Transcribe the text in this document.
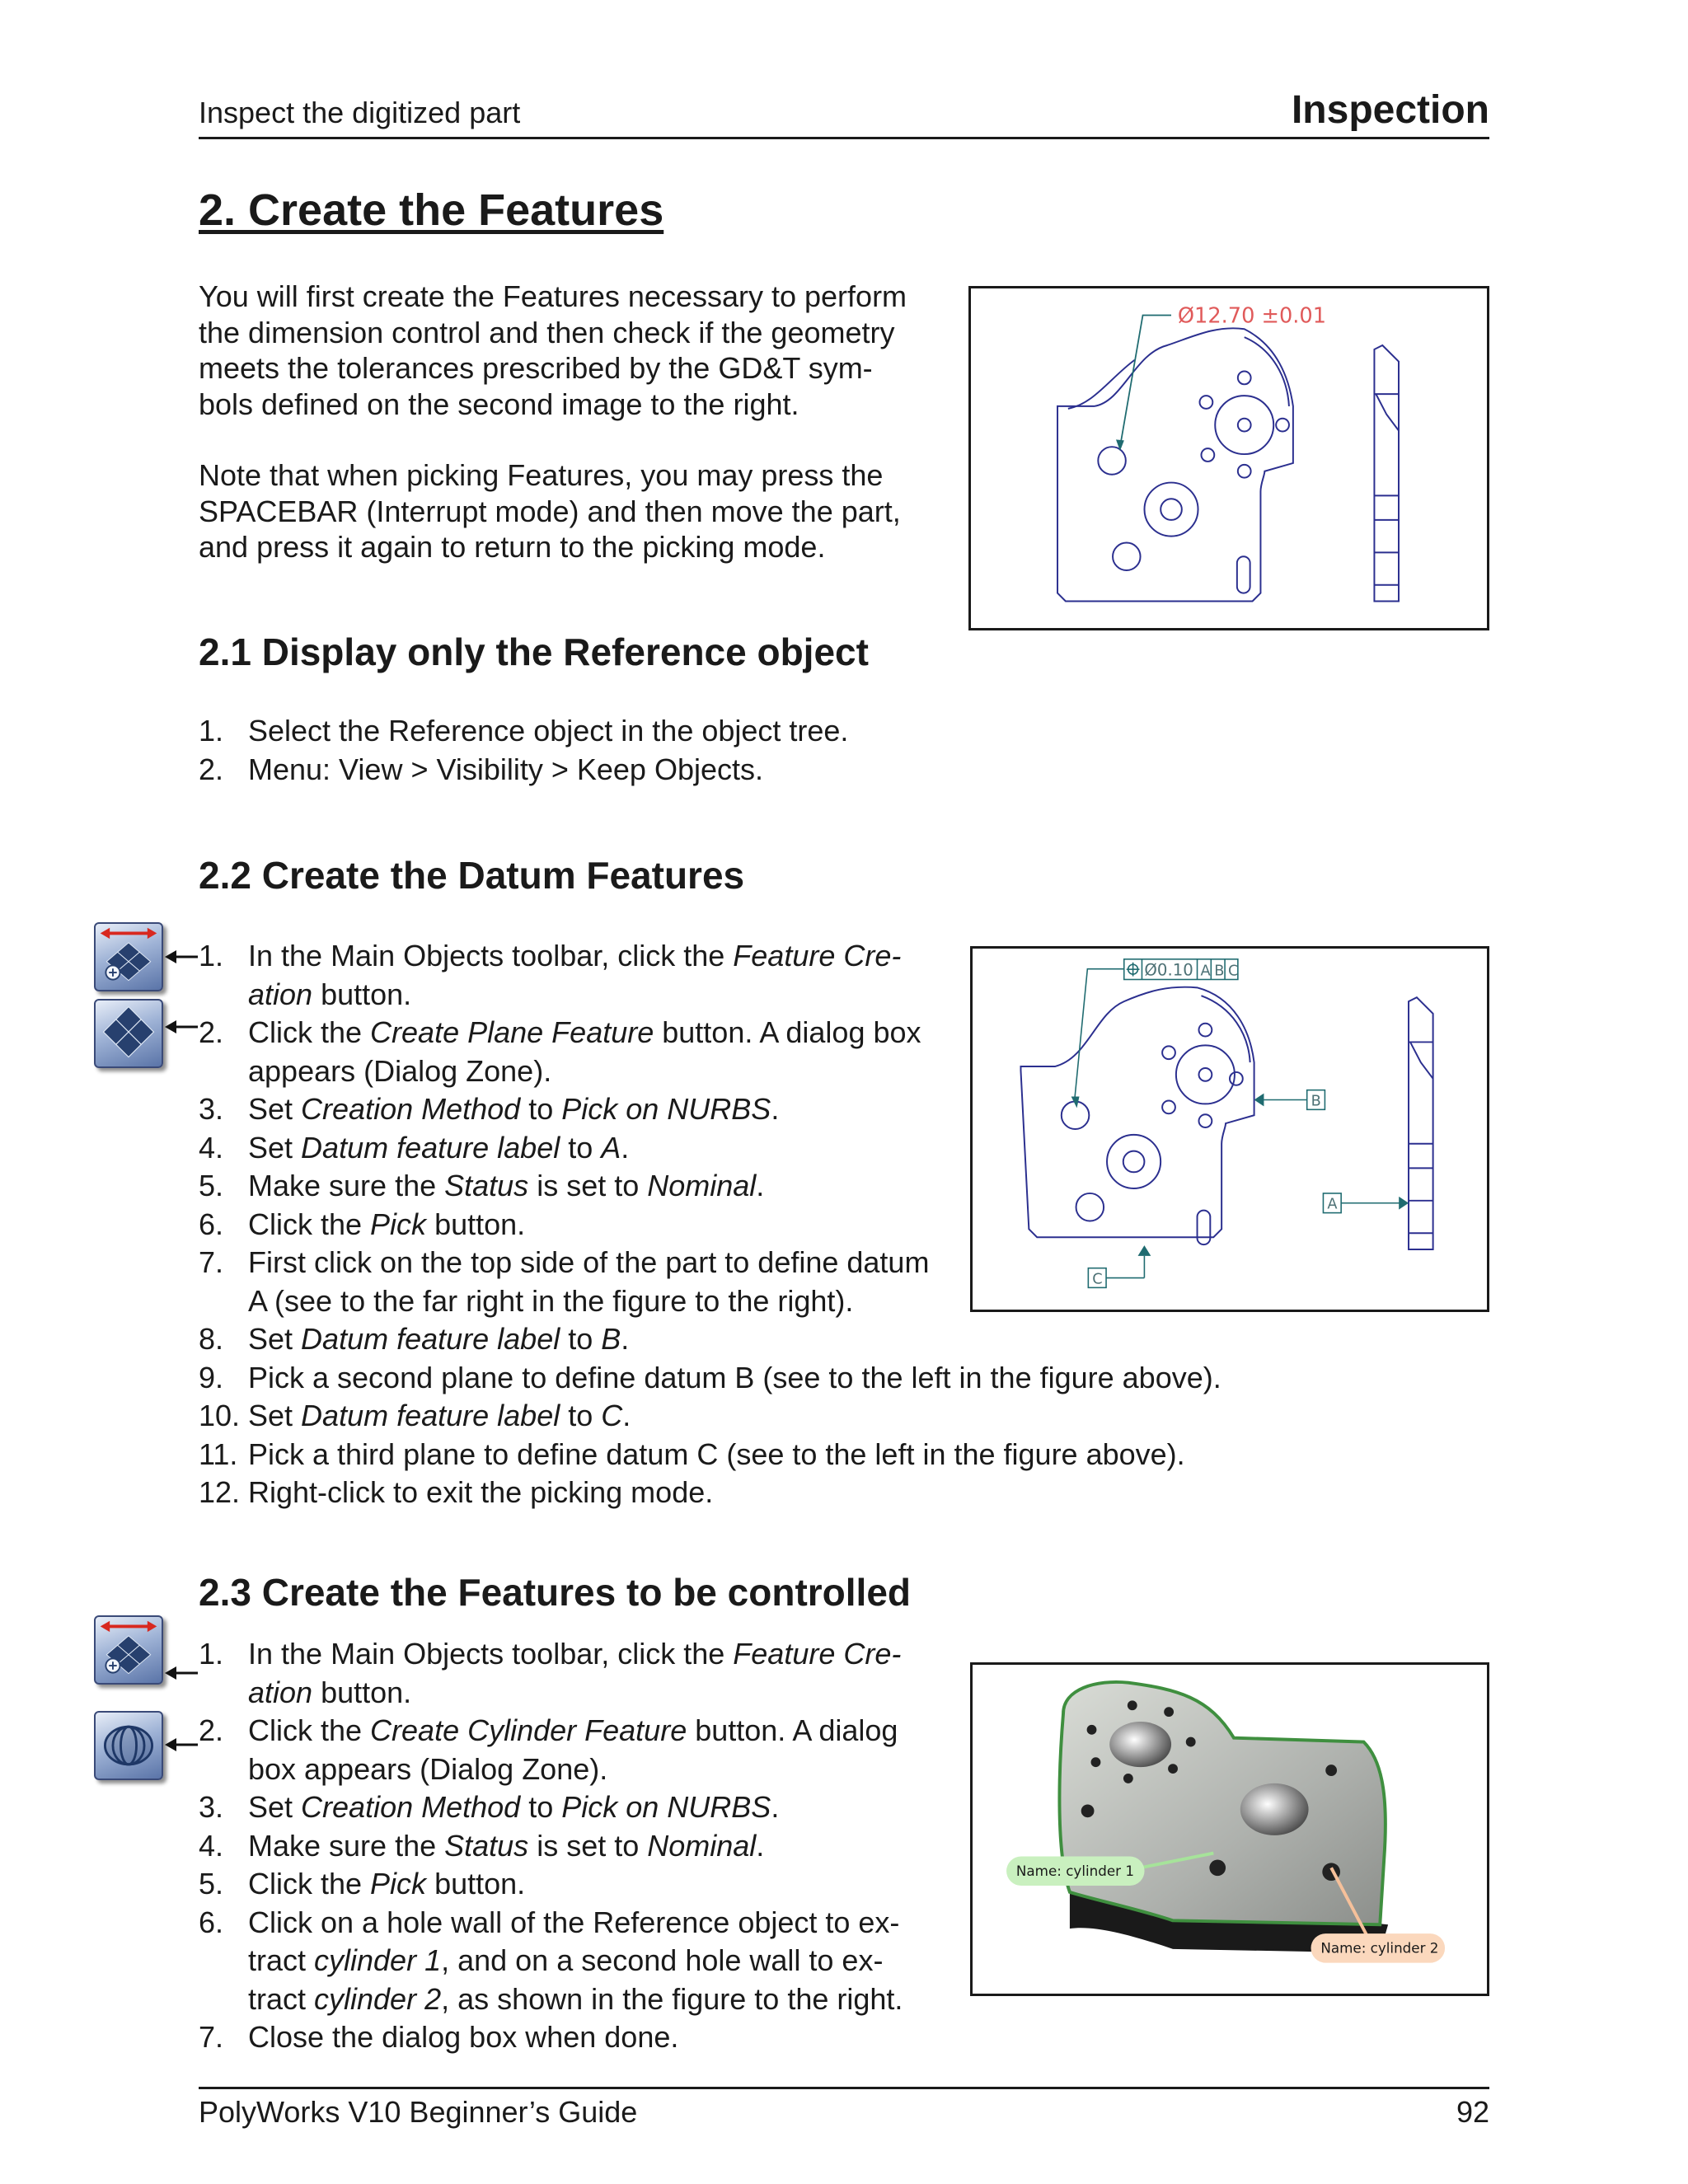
Inspect the digitized part	Inspection
2. Create the Features
You will first create the Features necessary to perform
the dimension control and then check if the geometry
meets the tolerances prescribed by the GD&T sym-
bols defined on the second image to the right.
Note that when picking Features, you may press the
SPACEBAR (Interrupt mode) and then move the part,
and press it again to return to the picking mode.
Ø12.70 ±0.01
2.1 Display only the Reference object
1. Select the Reference object in the object tree.
2. Menu: View > Visibility > Keep Objects.
2.2 Create the Datum Features
1. In the Main Objects toolbar, click the Feature Cre-
ation button.
2. Click the Create Plane Feature button. A dialog box
appears (Dialog Zone).
3. Set Creation Method to Pick on NURBS.
4. Set Datum feature label to A.
5. Make sure the Status is set to Nominal.
6. Click the Pick button.
7. First click on the top side of the part to define datum
A (see to the far right in the figure to the right).
8. Set Datum feature label to B.
9. Pick a second plane to define datum B (see to the left in the figure above).
10. Set Datum feature label to C.
11. Pick a third plane to define datum C (see to the left in the figure above).
12. Right-click to exit the picking mode.
Ø0.10 A B C
B
A
C
2.3 Create the Features to be controlled
1. In the Main Objects toolbar, click the Feature Cre-
ation button.
2. Click the Create Cylinder Feature button. A dialog
box appears (Dialog Zone).
3. Set Creation Method to Pick on NURBS.
4. Make sure the Status is set to Nominal.
5. Click the Pick button.
6. Click on a hole wall of the Reference object to ex-
tract cylinder 1, and on a second hole wall to ex-
tract cylinder 2, as shown in the figure to the right.
7. Close the dialog box when done.
Name: cylinder 1
Name: cylinder 2
PolyWorks V10 Beginner’s Guide	92
